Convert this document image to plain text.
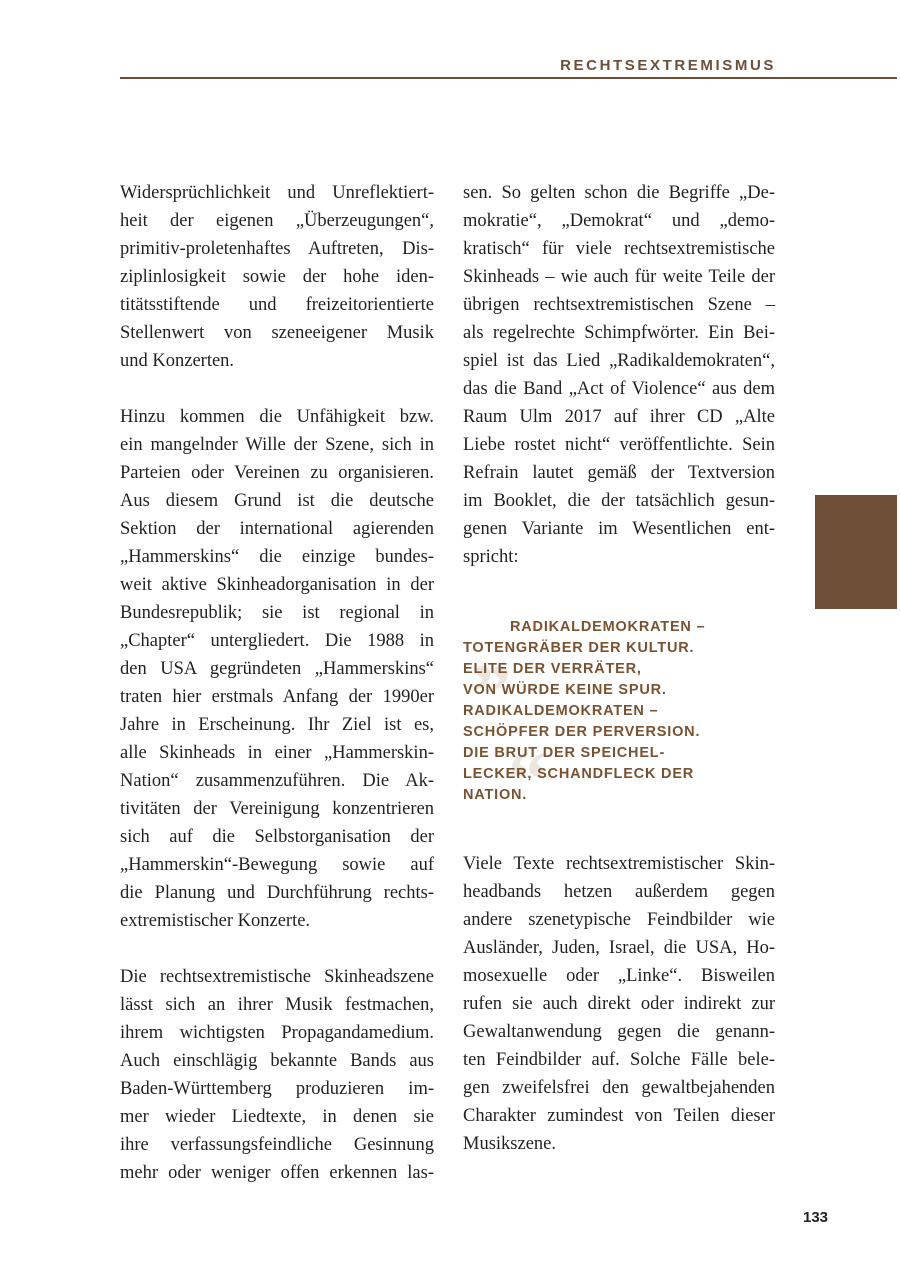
RECHTSEXTREMISMUS
Widersprüchlichkeit und Unreflektiert-
heit der eigenen „Überzeugungen“,
primitiv-proletenhaftes Auftreten, Dis-
ziplinlosigkeit sowie der hohe iden-
titätsstiftende und freizeitorientierte
Stellenwert von szeneeigener Musik
und Konzerten.
Hinzu kommen die Unfähigkeit bzw.
ein mangelnder Wille der Szene, sich in
Parteien oder Vereinen zu organisieren.
Aus diesem Grund ist die deutsche
Sektion der international agierenden
„Hammerskins“ die einzige bundes-
weit aktive Skinheadorganisation in der
Bundesrepublik; sie ist regional in
„Chapter“ untergliedert. Die 1988 in
den USA gegründeten „Hammerskins“
traten hier erstmals Anfang der 1990er
Jahre in Erscheinung. Ihr Ziel ist es,
alle Skinheads in einer „Hammerskin-
Nation“ zusammenzuführen. Die Ak-
tivitäten der Vereinigung konzentrieren
sich auf die Selbstorganisation der
„Hammerskin“-Bewegung sowie auf
die Planung und Durchführung rechts-
extremistischer Konzerte.
Die rechtsextremistische Skinheadszene
lässt sich an ihrer Musik festmachen,
ihrem wichtigsten Propagandamedium.
Auch einschlägig bekannte Bands aus
Baden-Württemberg produzieren im-
mer wieder Liedtexte, in denen sie
ihre verfassungsfeindliche Gesinnung
mehr oder weniger offen erkennen las-
sen. So gelten schon die Begriffe „De-
mokratie“, „Demokrat“ und „demo-
kratisch“ für viele rechtsextremistische
Skinheads – wie auch für weite Teile der
übrigen rechtsextremistischen Szene –
als regelrechte Schimpfwörter. Ein Bei-
spiel ist das Lied „Radikaldemokraten“,
das die Band „Act of Violence“ aus dem
Raum Ulm 2017 auf ihrer CD „Alte
Liebe rostet nicht“ veröffentlichte. Sein
Refrain lautet gemäß der Textversion
im Booklet, die der tatsächlich gesun-
genen Variante im Wesentlichen ent-
spricht:
„
“
RADIKALDEMOKRATEN –
TOTENGRÄBER DER KULTUR.
ELITE DER VERRÄTER,
VON WÜRDE KEINE SPUR.
RADIKALDEMOKRATEN –
SCHÖPFER DER PERVERSION.
DIE BRUT DER SPEICHEL-
LECKER, SCHANDFLECK DER
NATION.
Viele Texte rechtsextremistischer Skin-
headbands hetzen außerdem gegen
andere szenetypische Feindbilder wie
Ausländer, Juden, Israel, die USA, Ho-
mosexuelle oder „Linke“. Bisweilen
rufen sie auch direkt oder indirekt zur
Gewaltanwendung gegen die genann-
ten Feindbilder auf. Solche Fälle bele-
gen zweifelsfrei den gewaltbejahenden
Charakter zumindest von Teilen dieser
Musikszene.
133
